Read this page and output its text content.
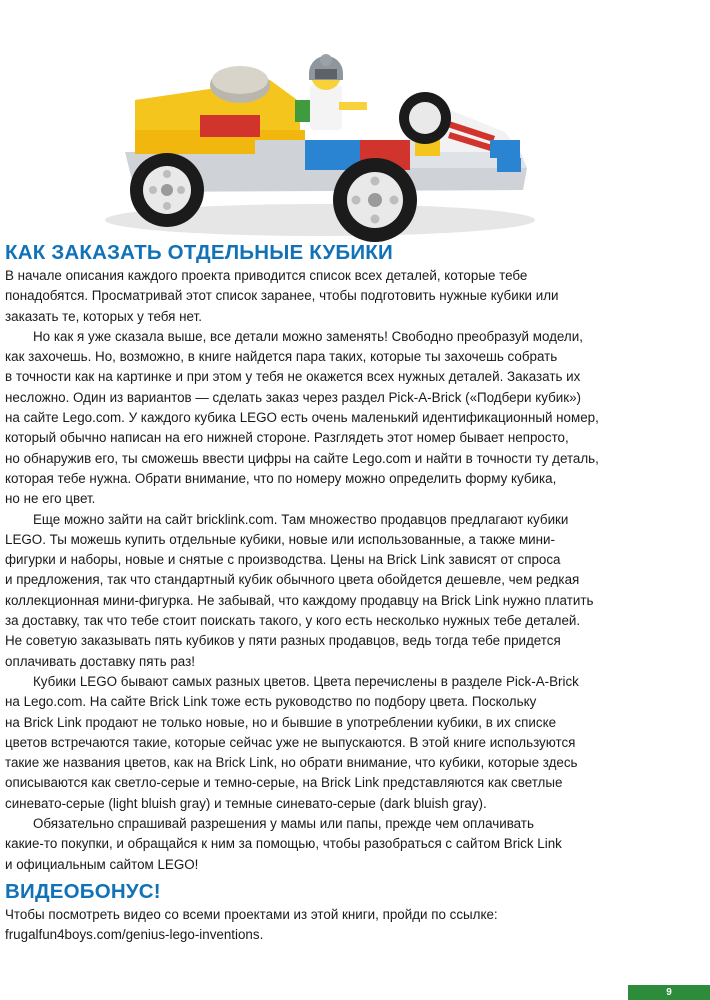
КАК ЗАКАЗАТЬ ОТДЕЛЬНЫЕ КУБИКИ

В начале описания каждого проекта приводится список всех деталей, которые тебе
понадобятся. Просматривай этот список заранее, чтобы подготовить нужные кубики или
заказать те, которых у тебя нет.

Но как я уже сказала выше, все детали можно заменять! Свободно преобразуй модели,
как захочешь. Но, возможно, в книге найдется пара таких, которые ты захочешь собрать
в точности как на картинке и при этом у тебя не окажется всех нужных деталей. Заказать их
несложно. Один из вариантов — сделать заказ через раздел Pick-A-Brick («Подбери кубик»)
на сайте Lego.com. У каждого кубика LEGO есть очень маленький идентификационный номер,
который обычно написан на его нижней стороне. Разглядеть этот номер бывает непросто,
но обнаружив его, ты сможешь ввести цифры на сайте Lego.com и найти в точности ту деталь,
которая тебе нужна. Обрати внимание, что по номеру можно определить форму кубика,
но не его цвет.

Еще можно зайти на сайт bricklink.com. Там множество продавцов предлагают кубики
LEGO. Ты можешь купить отдельные кубики, новые или использованные, а также мини-
фигурки и наборы, новые и снятые с производства. Цены на Brick Link зависят от спроса
и предложения, так что стандартный кубик обычного цвета обойдется дешевле, чем редкая
коллекционная мини-фигурка. Не забывай, что каждому продавцу на Brick Link нужно платить
за доставку, так что тебе стоит поискать такого, у кого есть несколько нужных тебе деталей.
Не советую заказывать пять кубиков у пяти разных продавцов, ведь тогда тебе придется
оплачивать доставку пять раз!

Кубики LEGO бывают самых разных цветов. Цвета перечислены в разделе Pick-A-Brick
на Lego.com. На сайте Brick Link тоже есть руководство по подбору цвета. Поскольку
на Brick Link продают не только новые, но и бывшие в употреблении кубики, в их списке
цветов встречаются такие, которые сейчас уже не выпускаются. В этой книге используются
такие же названия цветов, как на Brick Link, но обрати внимание, что кубики, которые здесь
описываются как светло-серые и темно-серые, на Brick Link представляются как светлые
синевато-серые (light bluish gray) и темные синевато-серые (dark bluish gray).

Обязательно спрашивай разрешения у мамы или папы, прежде чем оплачивать
какие-то покупки, и обращайся к ним за помощью, чтобы разобраться с сайтом Brick Link
и официальным сайтом LEGO!

ВИДЕОБОНУС!

Чтобы посмотреть видео со всеми проектами из этой книги, пройди по ссылке:
frugalfun4boys.com/genius-lego-inventions.

9
